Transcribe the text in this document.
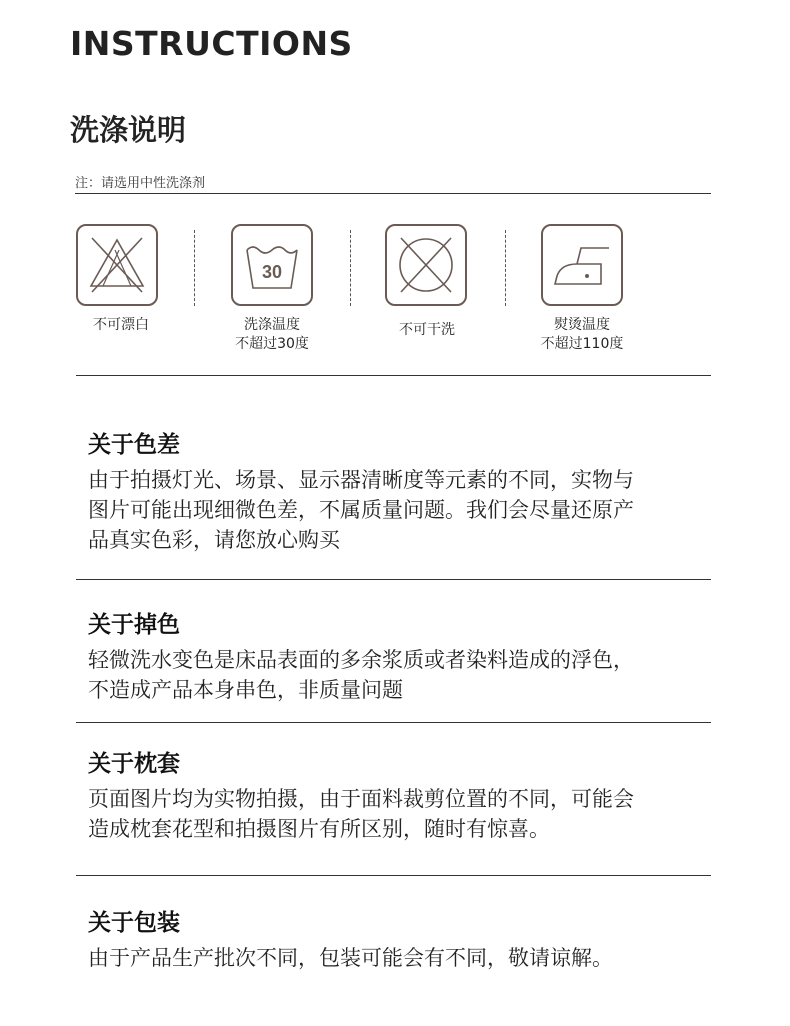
INSTRUCTIONS
洗涤说明
注：请选用中性洗涤剂
不可漂白
30
洗涤温度
不超过30度
不可干洗	熨烫温度
不超过110度
关于色差
由于拍摄灯光、场景、显示器清晰度等元素的不同，实物与
图片可能出现细微色差，不属质量问题。我们会尽量还原产
品真实色彩，请您放心购买
关于掉色
轻微洗水变色是床品表面的多余浆质或者染料造成的浮色，
不造成产品本身串色，非质量问题
关于枕套
页面图片均为实物拍摄，由于面料裁剪位置的不同，可能会
造成枕套花型和拍摄图片有所区别，随时有惊喜。
关于包装
由于产品生产批次不同，包装可能会有不同，敬请谅解。
